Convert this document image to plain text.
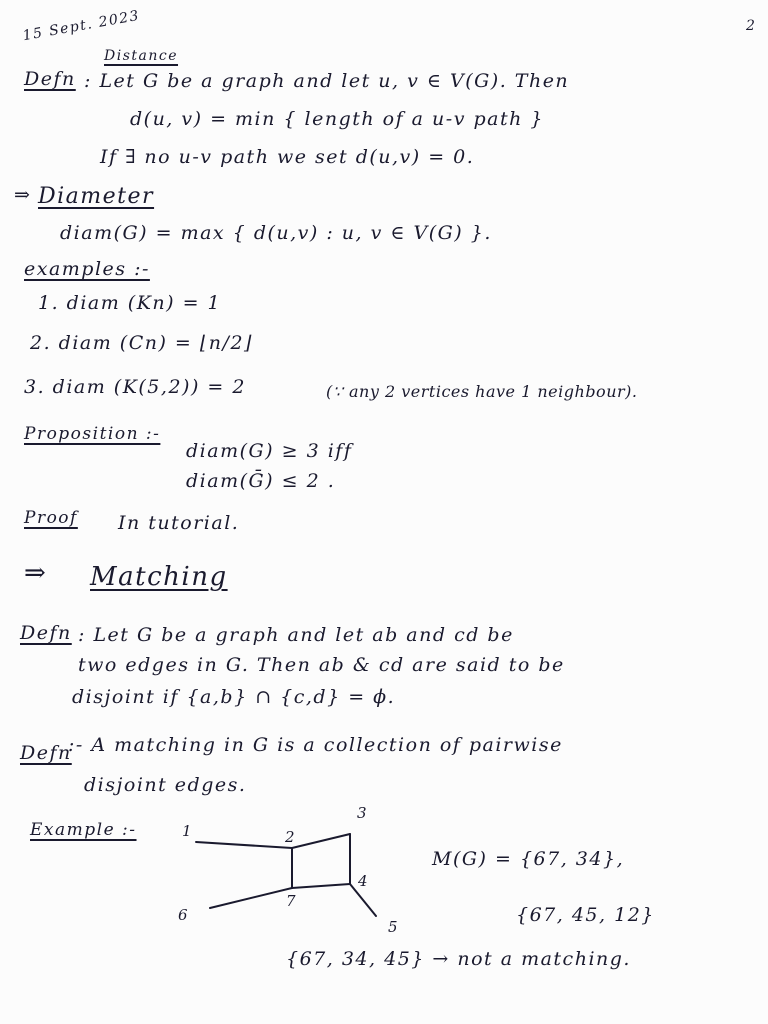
15 Sept. 2023	2
Distance
Defn : Let G be a graph and let u, v ∈ V(G). Then
d(u, v) = min { length of a u-v path }
If ∃ no u-v path we set d(u,v) = 0.
⇒ Diameter
diam(G) = max { d(u,v) : u, v ∈ V(G) }.
examples :-
1. diam (Kn) = 1
2. diam (Cn) = ⌊n/2⌋
3. diam (K(5,2)) = 2	(∵ any 2 vertices have 1 neighbour).
Proposition :-
diam(G) ≥ 3 iff
diam(Ḡ) ≤ 2 .
Proof In tutorial.
⇒ Matching
Defn : Let G be a graph and let ab and cd be
two edges in G. Then ab & cd are said to be
disjoint if {a,b} ∩ {c,d} = ϕ.
Defn
:- A matching in G is a collection of pairwise
disjoint edges.
Example :-	1	2
3
4
5
6
7
M(G) = {67, 34},
{67, 45, 12}
{67, 34, 45} → not a matching.
